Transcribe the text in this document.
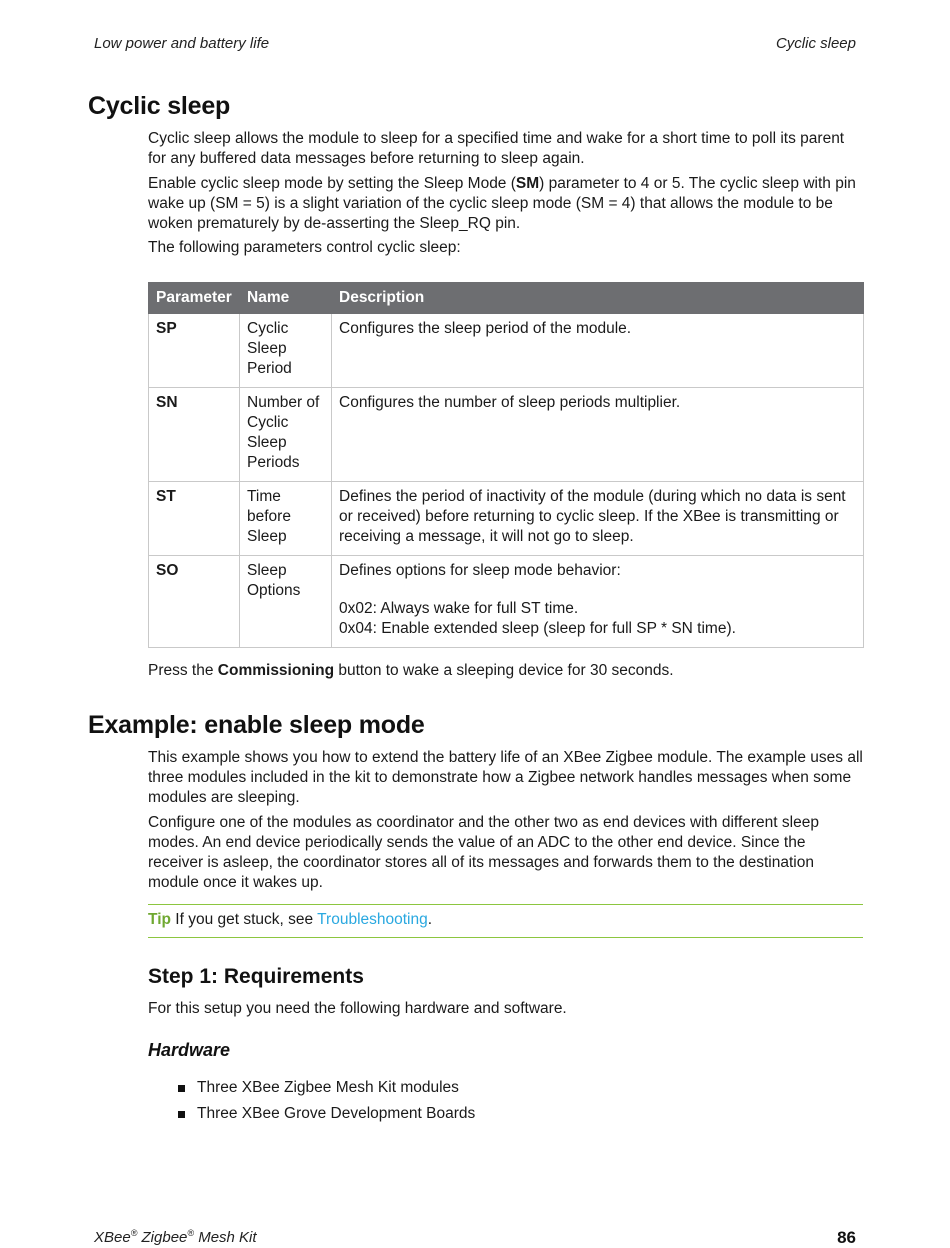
Low power and battery life	Cyclic sleep
Cyclic sleep
Cyclic sleep allows the module to sleep for a specified time and wake for a short time to poll its parent for any buffered data messages before returning to sleep again.
Enable cyclic sleep mode by setting the Sleep Mode (SM) parameter to 4 or 5. The cyclic sleep with pin wake up (SM = 5) is a slight variation of the cyclic sleep mode (SM = 4) that allows the module to be woken prematurely by de-asserting the Sleep_RQ pin.
The following parameters control cyclic sleep:
Parameter	Name	Description
SP	Cyclic Sleep Period	Configures the sleep period of the module.
SN	Number of Cyclic Sleep Periods	Configures the number of sleep periods multiplier.
ST	Time before Sleep	Defines the period of inactivity of the module (during which no data is sent or received) before returning to cyclic sleep. If the XBee is transmitting or receiving a message, it will not go to sleep.
SO	Sleep Options	Defines options for sleep mode behavior:
0x02: Always wake for full ST time.
0x04: Enable extended sleep (sleep for full SP * SN time).
Press the Commissioning button to wake a sleeping device for 30 seconds.
Example: enable sleep mode
This example shows you how to extend the battery life of an XBee Zigbee module. The example uses all three modules included in the kit to demonstrate how a Zigbee network handles messages when some modules are sleeping.
Configure one of the modules as coordinator and the other two as end devices with different sleep modes. An end device periodically sends the value of an ADC to the other end device. Since the receiver is asleep, the coordinator stores all of its messages and forwards them to the destination module once it wakes up.
Tip If you get stuck, see Troubleshooting.
Step 1: Requirements
For this setup you need the following hardware and software.
Hardware
Three XBee Zigbee Mesh Kit modules
Three XBee Grove Development Boards
XBee® Zigbee® Mesh Kit	86
